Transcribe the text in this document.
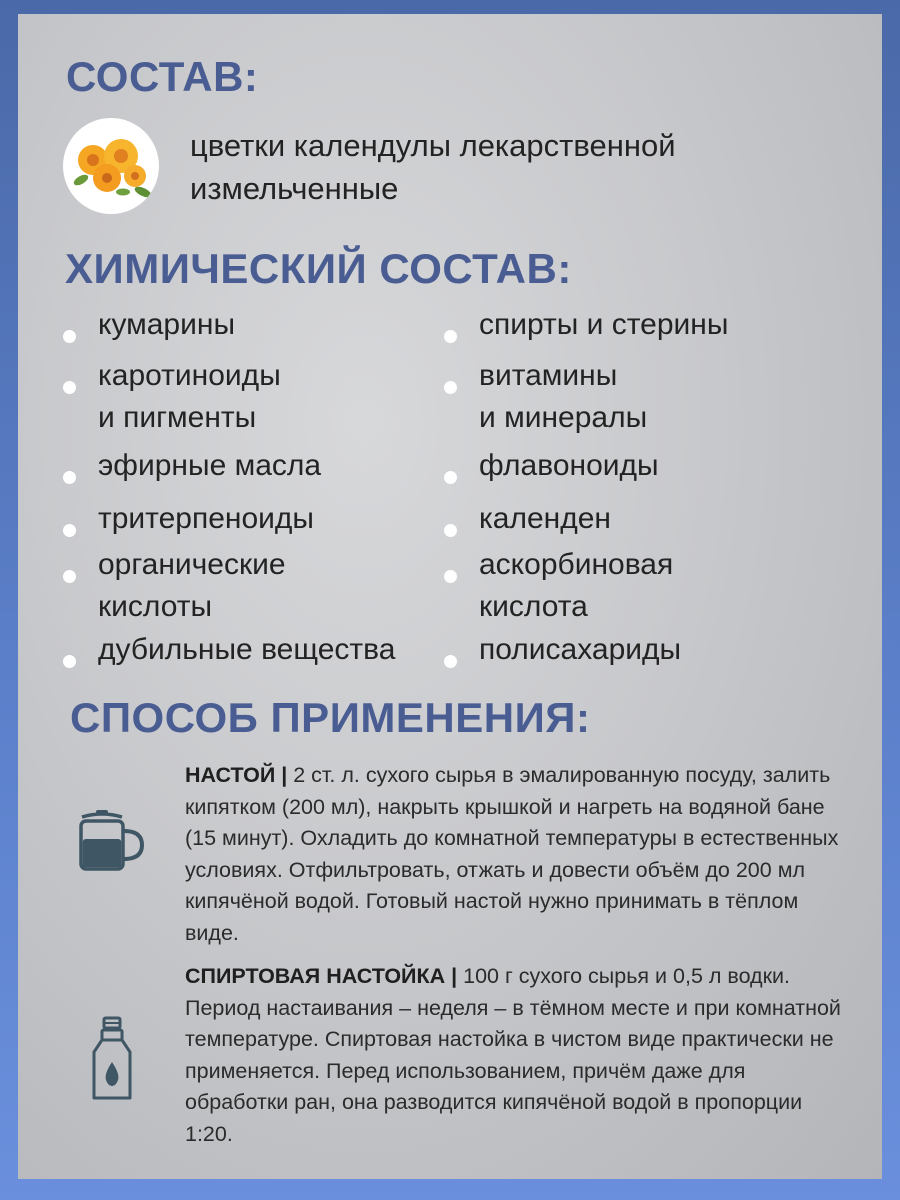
СОСТАВ:
цветки календулы лекарственной
измельченные
ХИМИЧЕСКИЙ СОСТАВ:
кумарины
каротиноиды
и пигменты
эфирные масла
тритерпеноиды
органические
кислоты
дубильные вещества
спирты и стерины
витамины
и минералы
флавоноиды
календен
аскорбиновая
кислота
полисахариды
СПОСОБ ПРИМЕНЕНИЯ:
НАСТОЙ | 2 ст. л. сухого сырья в эмалированную посуду, залить кипятком (200 мл), накрыть крышкой и нагреть на водяной бане (15 минут). Охладить до комнатной температуры в естественных условиях. Отфильтровать, отжать и довести объём до 200 мл кипячёной водой. Готовый настой нужно принимать в тёплом виде.
СПИРТОВАЯ НАСТОЙКА | 100 г сухого сырья и 0,5 л водки. Период настаивания – неделя – в тёмном месте и при комнатной температуре. Спиртовая настойка в чистом виде практически не применяется. Перед использованием, причём даже для обработки ран, она разводится кипячёной водой в пропорции 1:20.
